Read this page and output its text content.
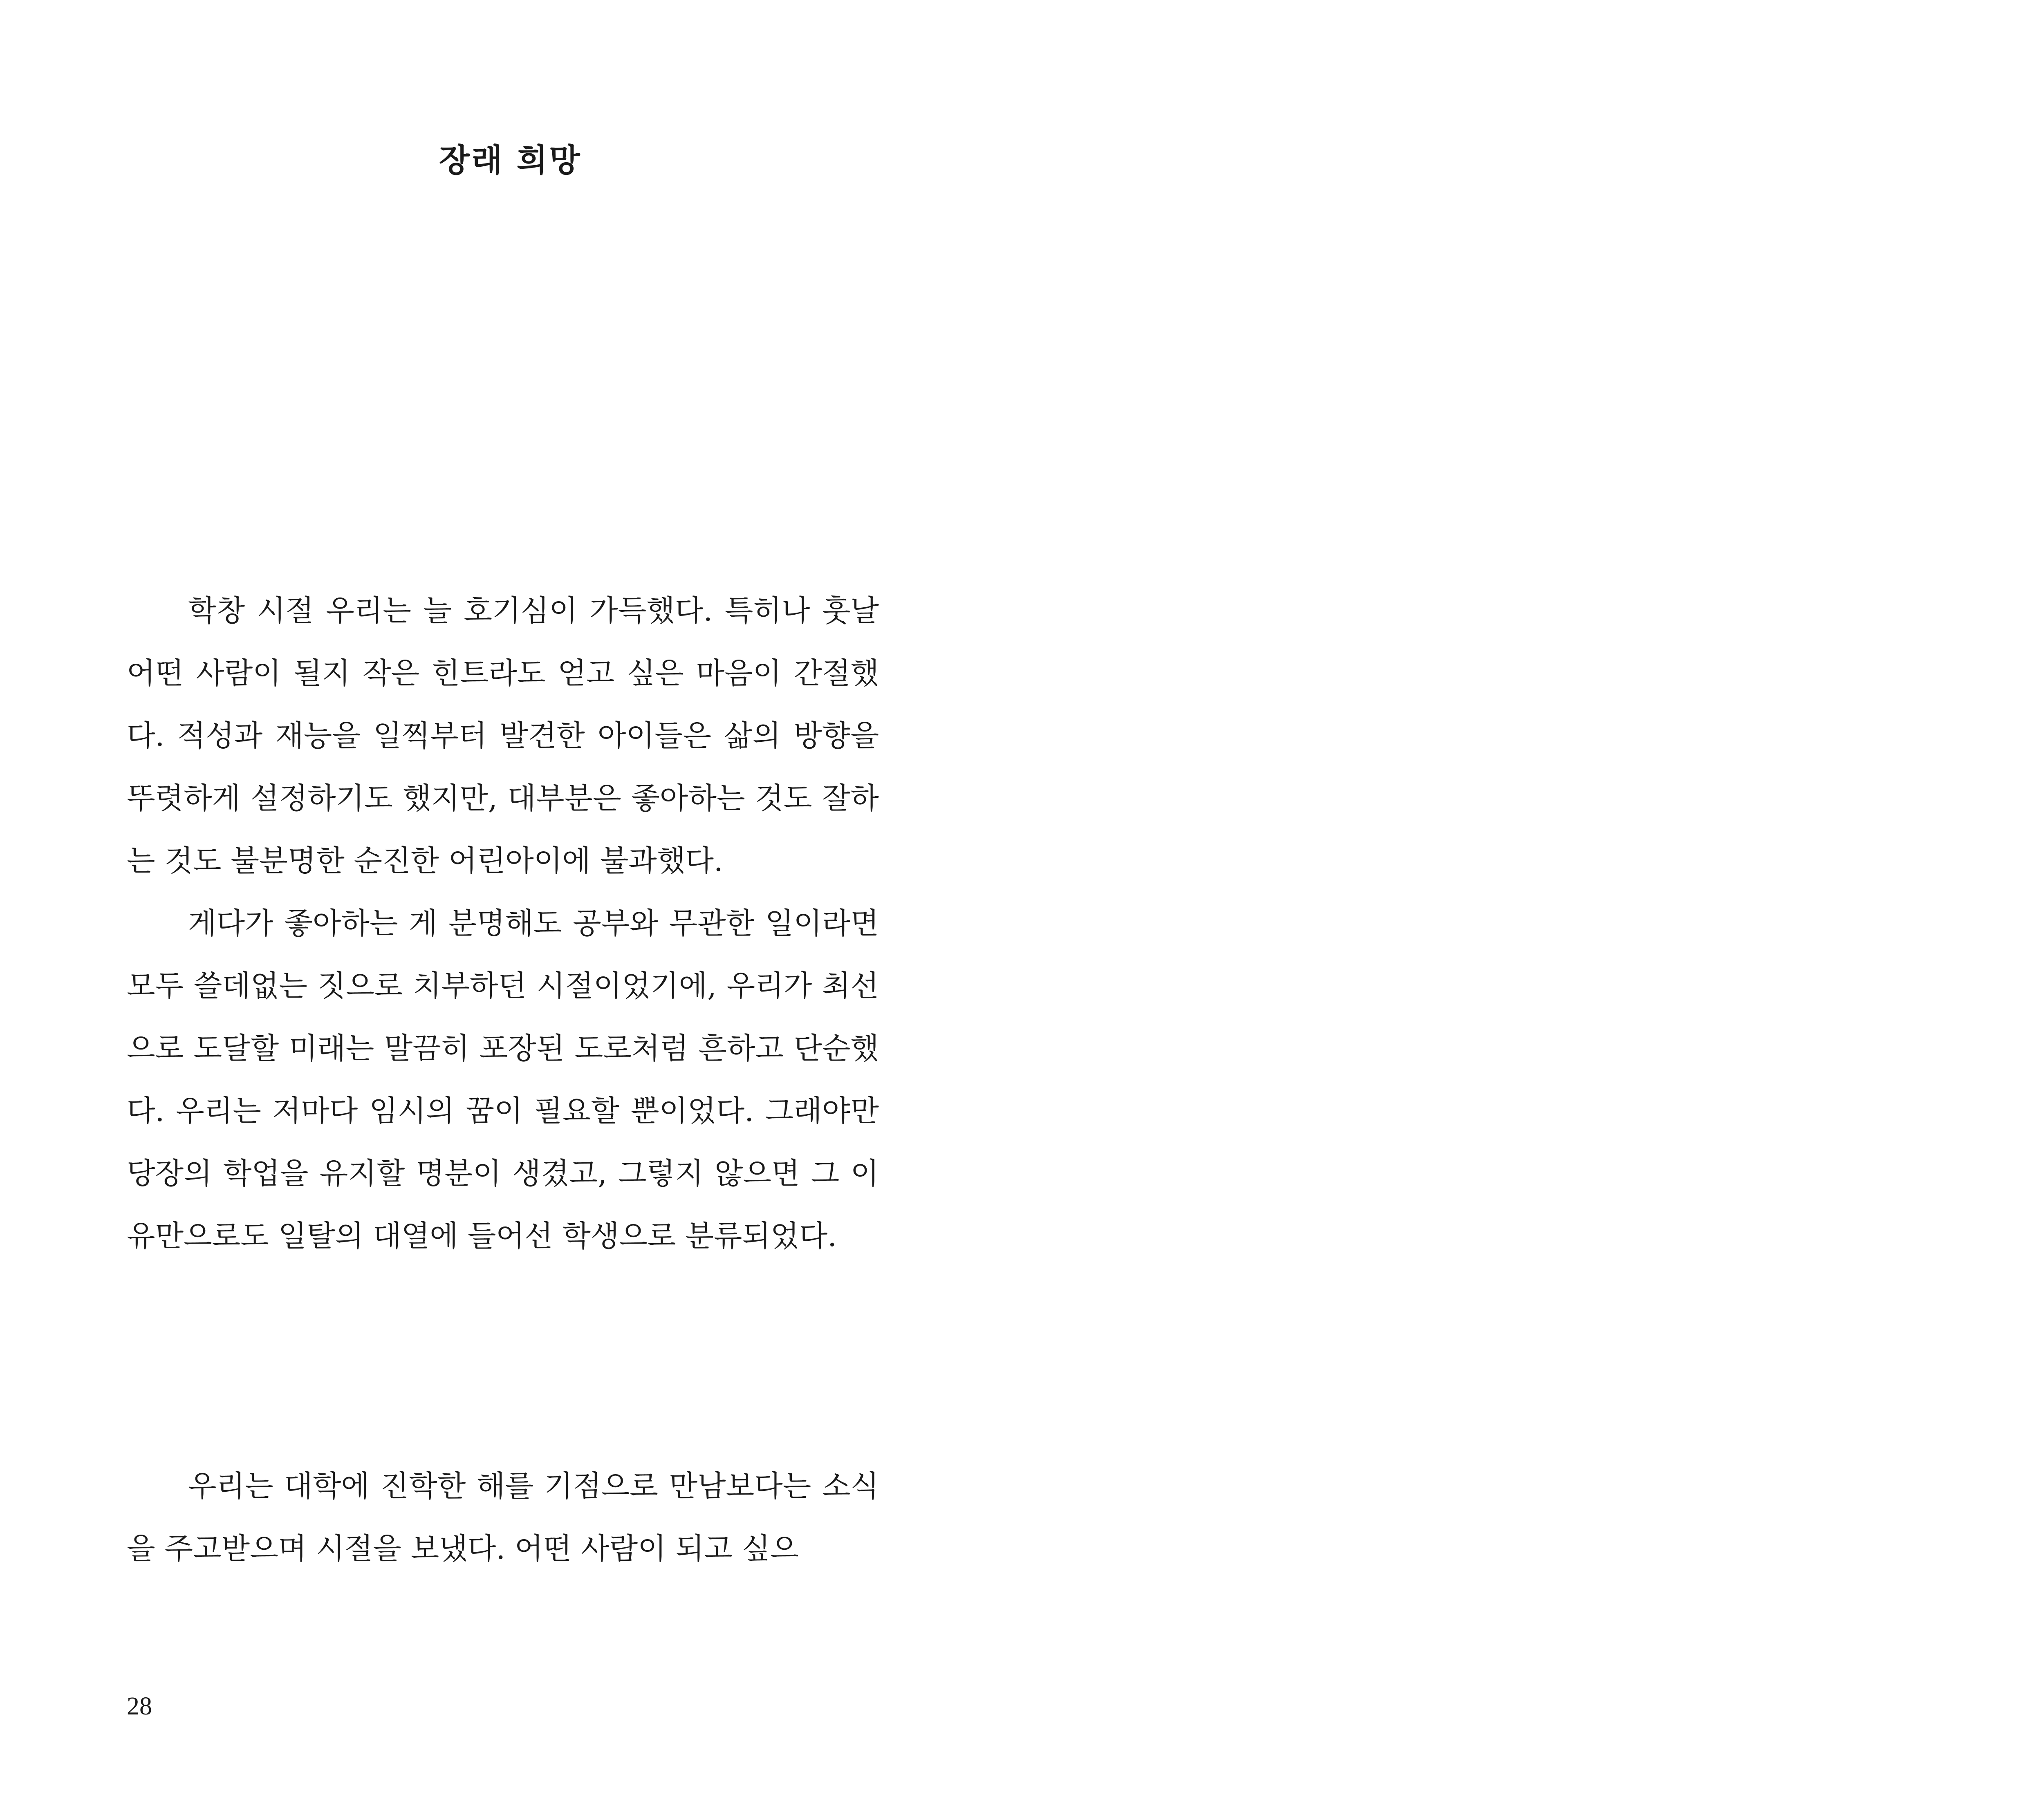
장래 희망

학창 시절 우리는 늘 호기심이 가득했다. 특히나 훗날 어떤 사람이 될지 작은 힌트라도 얻고 싶은 마음이 간절했다. 적성과 재능을 일찍부터 발견한 아이들은 삶의 방향을 뚜렷하게 설정하기도 했지만, 대부분은 좋아하는 것도 잘하는 것도 불분명한 순진한 어린아이에 불과했다.

게다가 좋아하는 게 분명해도 공부와 무관한 일이라면 모두 쓸데없는 짓으로 치부하던 시절이었기에, 우리가 최선으로 도달할 미래는 말끔히 포장된 도로처럼 흔하고 단순했다. 우리는 저마다 임시의 꿈이 필요할 뿐이었다. 그래야만 당장의 학업을 유지할 명분이 생겼고, 그렇지 않으면 그 이유만으로도 일탈의 대열에 들어선 학생으로 분류되었다.

우리는 대학에 진학한 해를 기점으로 만남보다는 소식을 주고받으며 시절을 보냈다. 어떤 사람이 되고 싶으

28
